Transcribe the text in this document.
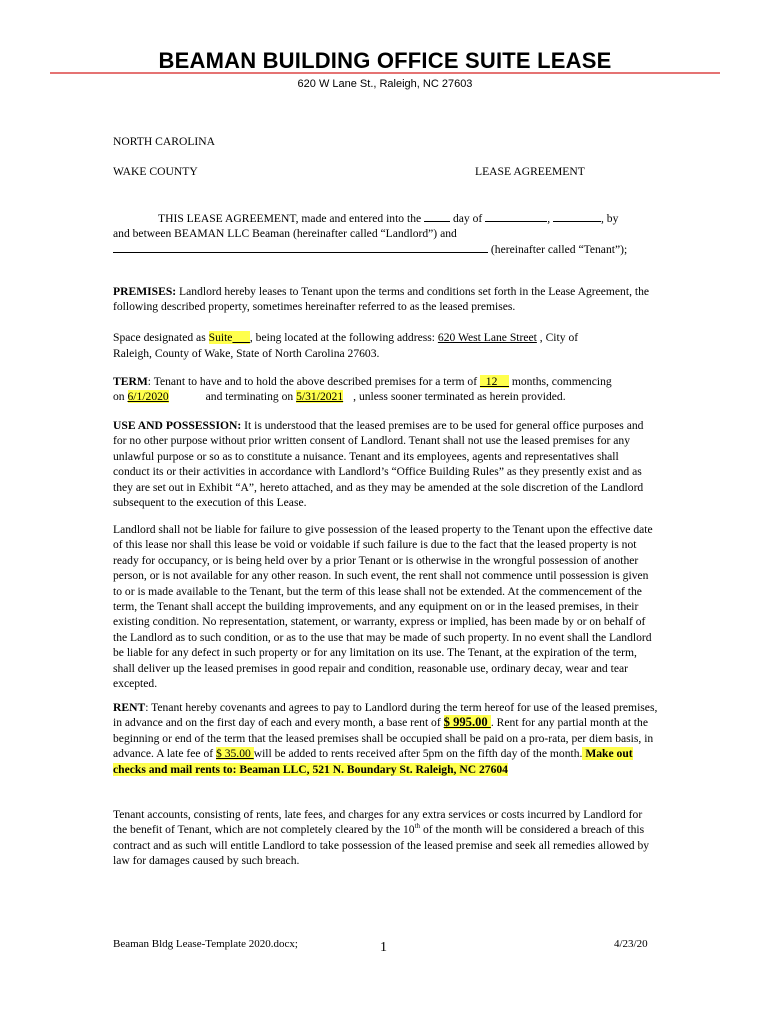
BEAMAN BUILDING OFFICE SUITE LEASE
620 W Lane St., Raleigh, NC 27603
NORTH CAROLINA
WAKE COUNTY	LEASE AGREEMENT
THIS LEASE AGREEMENT, made and entered into the	day of	,	, by
and between BEAMAN LLC Beaman (hereinafter called “Landlord”) and
(hereinafter called “Tenant”);
PREMISES: Landlord hereby leases to Tenant upon the terms and conditions set forth in the Lease Agreement, the following described property, sometimes hereinafter referred to as the leased premises.
Space designated as Suite___, being located at the following address: 620 West Lane Street , City of
Raleigh, County of Wake, State of North Carolina 27603.
TERM: Tenant to have and to hold the above described premises for a term of _12__ months, commencing
on 6/1/2020	and terminating on 5/31/2021 , unless sooner terminated as herein provided.
USE AND POSSESSION: It is understood that the leased premises are to be used for general office purposes and for no other purpose without prior written consent of Landlord. Tenant shall not use the leased premises for any unlawful purpose or so as to constitute a nuisance. Tenant and its employees, agents and representatives shall conduct its or their activities in accordance with Landlord’s “Office Building Rules” as they presently exist and as they are set out in Exhibit “A”, hereto attached, and as they may be amended at the sole discretion of the Landlord subsequent to the execution of this Lease.
Landlord shall not be liable for failure to give possession of the leased property to the Tenant upon the effective date of this lease nor shall this lease be void or voidable if such failure is due to the fact that the leased property is not ready for occupancy, or is being held over by a prior Tenant or is otherwise in the wrongful possession of another person, or is not available for any other reason. In such event, the rent shall not commence until possession is given to or is made available to the Tenant, but the term of this lease shall not be extended. At the commencement of the term, the Tenant shall accept the building improvements, and any equipment on or in the leased premises, in their existing condition. No representation, statement, or warranty, express or implied, has been made by or on behalf of the Landlord as to such condition, or as to the use that may be made of such property. In no event shall the Landlord be liable for any defect in such property or for any limitation on its use. The Tenant, at the expiration of the term, shall deliver up the leased premises in good repair and condition, reasonable use, ordinary decay, wear and tear excepted.
RENT: Tenant hereby covenants and agrees to pay to Landlord during the term hereof for use of the leased premises, in advance and on the first day of each and every month, a base rent of $ 995.00 . Rent for any partial month at the beginning or end of the term that the leased premises shall be occupied shall be paid on a pro-rata, per diem basis, in advance. A late fee of $ 35.00 will be added to rents received after 5pm on the fifth day of the month. Make out checks and mail rents to: Beaman LLC, 521 N. Boundary St. Raleigh, NC 27604
Tenant accounts, consisting of rents, late fees, and charges for any extra services or costs incurred by Landlord for the benefit of Tenant, which are not completely cleared by the 10th of the month will be considered a breach of this contract and as such will entitle Landlord to take possession of the leased premise and seek all remedies allowed by law for damages caused by such breach.
Beaman Bldg Lease-Template 2020.docx;	1	4/23/20
